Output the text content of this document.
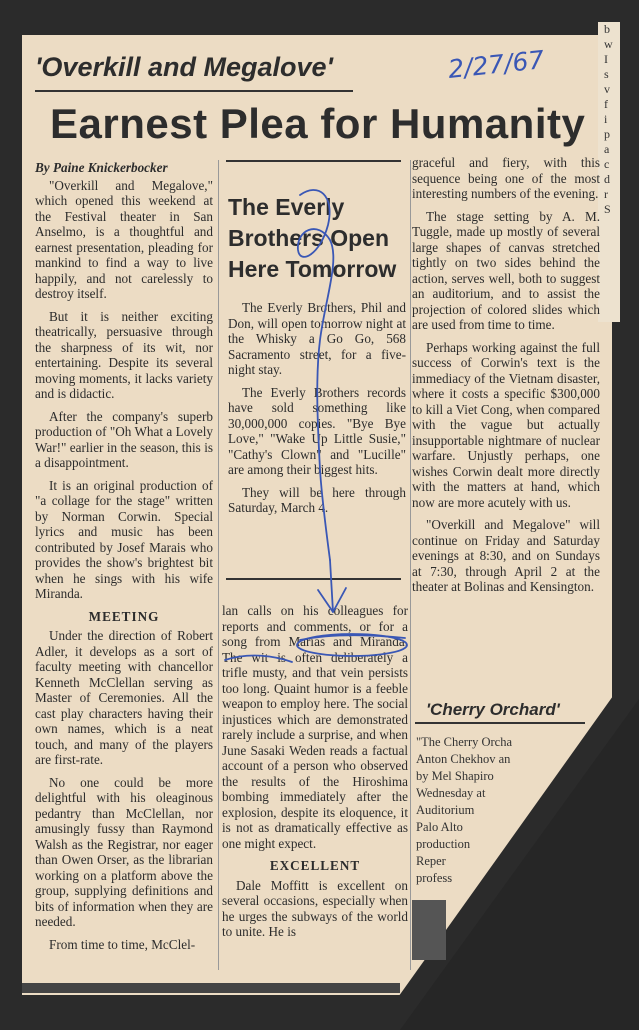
b
w
I
s
v
f
i
p
a
c
d
r
S
'Overkill and Megalove'	2/27/67
Earnest Plea for Humanity

By Paine Knickerbocker

"Overkill and Megalove," which opened this weekend at the Festival theater in San Anselmo, is a thoughtful and earnest presentation, pleading for mankind to find a way to live happily, and not carelessly to destroy itself.

But it is neither exciting theatrically, persuasive through the sharpness of its wit, nor entertaining. Despite its several moving moments, it lacks variety and is didactic.

After the company's superb production of "Oh What a Lovely War!" earlier in the season, this is a disappointment.

It is an original production of "a collage for the stage" written by Norman Corwin. Special lyrics and music has been contributed by Josef Marais who provides the show's brightest bit when he sings with his wife Miranda.

MEETING

Under the direction of Robert Adler, it develops as a sort of faculty meeting with chancellor Kenneth McClellan serving as Master of Ceremonies. All the cast play characters having their own names, which is a neat touch, and many of the players are first-rate.

No one could be more delightful with his oleaginous pedantry than McClellan, nor amusingly fussy than Raymond Walsh as the Registrar, nor eager than Owen Orser, as the librarian working on a platform above the group, supplying definitions and bits of information when they are needed.

From time to time, McClel-

The Everly Brothers Open Here Tomorrow

The Everly Brothers, Phil and Don, will open tomorrow night at the Whisky a Go Go, 568 Sacramento street, for a five-night stay.

The Everly Brothers records have sold something like 30,000,000 copies. "Bye Bye Love," "Wake Up Little Susie," "Cathy's Clown" and "Lucille" are among their biggest hits.

They will be here through Saturday, March 4.

lan calls on his colleagues for reports and comments, or for a song from Marias and Miranda. The wit is often deliberately a trifle musty, and that vein persists too long. Quaint humor is a feeble weapon to employ here. The social injustices which are demonstrated rarely include a surprise, and when June Sasaki Weden reads a factual account of a person who observed the results of the Hiroshima bombing immediately after the explosion, despite its eloquence, it is not as dramatically effective as one might expect.

EXCELLENT

Dale Moffitt is excellent on several occasions, especially when he urges the subways of the world to unite. He is

graceful and fiery, with this sequence being one of the most interesting numbers of the evening.

The stage setting by A. M. Tuggle, made up mostly of several large shapes of canvas stretched tightly on two sides behind the action, serves well, both to suggest an auditorium, and to assist the projection of colored slides which are used from time to time.

Perhaps working against the full success of Corwin's text is the immediacy of the Vietnam disaster, where it costs a specific $300,000 to kill a Viet Cong, when compared with the vague but actually insupportable nightmare of nuclear warfare. Unjustly perhaps, one wishes Corwin dealt more directly with the matters at hand, which now are more acutely with us.

"Overkill and Megalove" will continue on Friday and Saturday evenings at 8:30, and on Sundays at 7:30, through April 2 at the theater at Bolinas and Kensington.

'Cherry Orchard'

"The Cherry Orcha

Anton Chekhov an

by Mel Shapiro

Wednesday at

Auditorium

Palo Alto

production

Reper

profess
